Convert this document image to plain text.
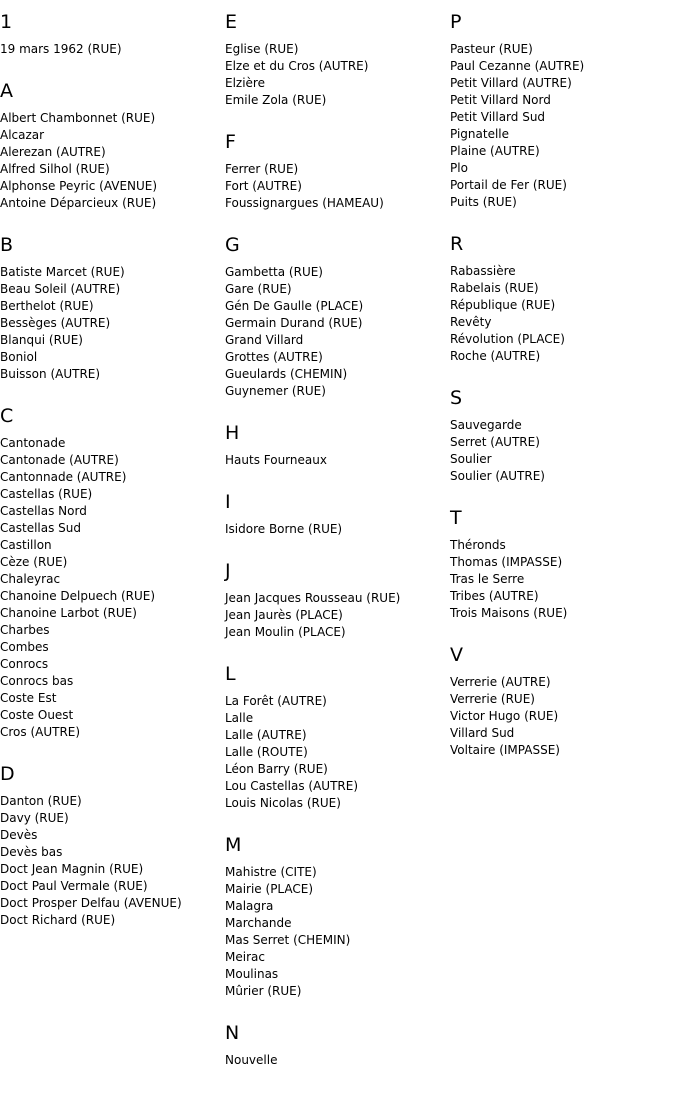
1
19 mars 1962 (RUE)
A
Albert Chambonnet (RUE)
Alcazar
Alerezan (AUTRE)
Alfred Silhol (RUE)
Alphonse Peyric (AVENUE)
Antoine Déparcieux (RUE)
B
Batiste Marcet (RUE)
Beau Soleil (AUTRE)
Berthelot (RUE)
Bessèges (AUTRE)
Blanqui (RUE)
Boniol
Buisson (AUTRE)
C
Cantonade
Cantonade (AUTRE)
Cantonnade (AUTRE)
Castellas (RUE)
Castellas Nord
Castellas Sud
Castillon
Cèze (RUE)
Chaleyrac
Chanoine Delpuech (RUE)
Chanoine Larbot (RUE)
Charbes
Combes
Conrocs
Conrocs bas
Coste Est
Coste Ouest
Cros (AUTRE)
D
Danton (RUE)
Davy (RUE)
Devès
Devès bas
Doct Jean Magnin (RUE)
Doct Paul Vermale (RUE)
Doct Prosper Delfau (AVENUE)
Doct Richard (RUE)
E
Eglise (RUE)
Elze et du Cros (AUTRE)
Elzière
Emile Zola (RUE)
F
Ferrer (RUE)
Fort (AUTRE)
Foussignargues (HAMEAU)
G
Gambetta (RUE)
Gare (RUE)
Gén De Gaulle (PLACE)
Germain Durand (RUE)
Grand Villard
Grottes (AUTRE)
Gueulards (CHEMIN)
Guynemer (RUE)
H
Hauts Fourneaux
I
Isidore Borne (RUE)
J
Jean Jacques Rousseau (RUE)
Jean Jaurès (PLACE)
Jean Moulin (PLACE)
L
La Forêt (AUTRE)
Lalle
Lalle (AUTRE)
Lalle (ROUTE)
Léon Barry (RUE)
Lou Castellas (AUTRE)
Louis Nicolas (RUE)
M
Mahistre (CITE)
Mairie (PLACE)
Malagra
Marchande
Mas Serret (CHEMIN)
Meirac
Moulinas
Mûrier (RUE)
N
Nouvelle
P
Pasteur (RUE)
Paul Cezanne (AUTRE)
Petit Villard (AUTRE)
Petit Villard Nord
Petit Villard Sud
Pignatelle
Plaine (AUTRE)
Plo
Portail de Fer (RUE)
Puits (RUE)
R
Rabassière
Rabelais (RUE)
République (RUE)
Revêty
Révolution (PLACE)
Roche (AUTRE)
S
Sauvegarde
Serret (AUTRE)
Soulier
Soulier (AUTRE)
T
Théronds
Thomas (IMPASSE)
Tras le Serre
Tribes (AUTRE)
Trois Maisons (RUE)
V
Verrerie (AUTRE)
Verrerie (RUE)
Victor Hugo (RUE)
Villard Sud
Voltaire (IMPASSE)
